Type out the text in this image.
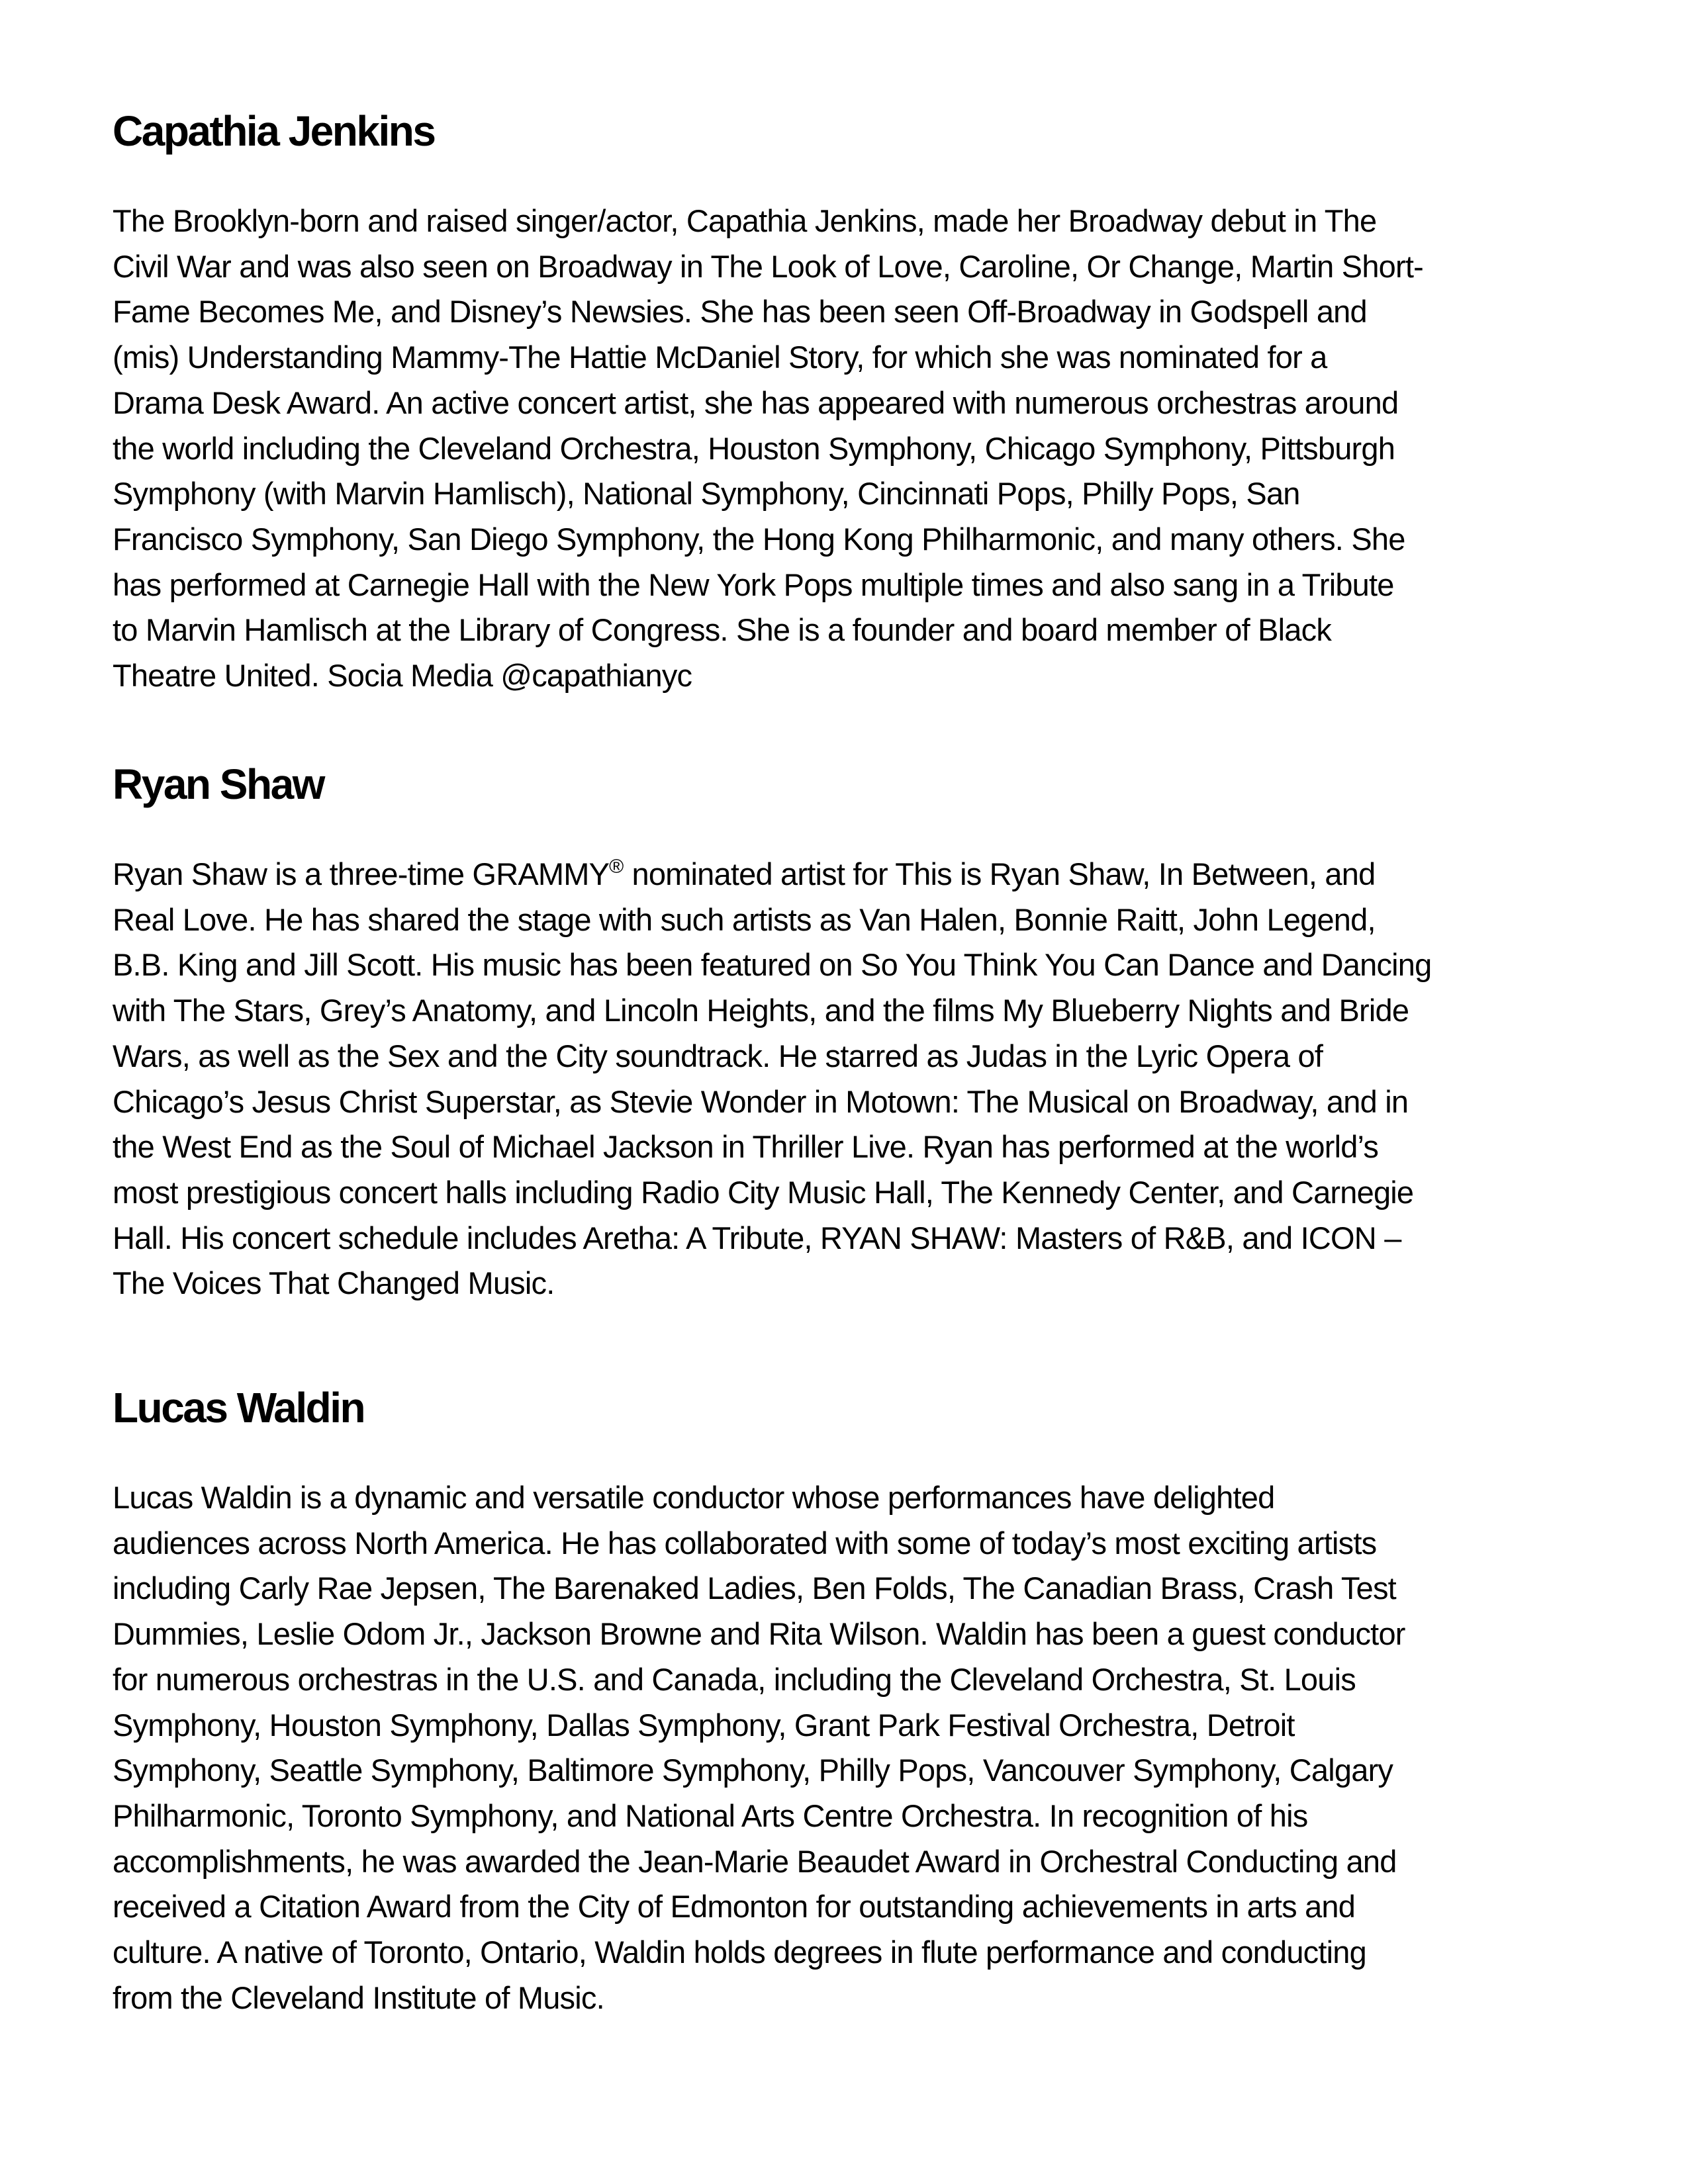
Capathia Jenkins

The Brooklyn-born and raised singer/actor, Capathia Jenkins, made her Broadway debut in The
Civil War and was also seen on Broadway in The Look of Love, Caroline, Or Change, Martin Short-
Fame Becomes Me, and Disney’s Newsies. She has been seen Off-Broadway in Godspell and
(mis) Understanding Mammy-The Hattie McDaniel Story, for which she was nominated for a
Drama Desk Award. An active concert artist, she has appeared with numerous orchestras around
the world including the Cleveland Orchestra, Houston Symphony, Chicago Symphony, Pittsburgh
Symphony (with Marvin Hamlisch), National Symphony, Cincinnati Pops, Philly Pops, San
Francisco Symphony, San Diego Symphony, the Hong Kong Philharmonic, and many others. She
has performed at Carnegie Hall with the New York Pops multiple times and also sang in a Tribute
to Marvin Hamlisch at the Library of Congress. She is a founder and board member of Black
Theatre United. Socia Media @capathianyc

Ryan Shaw

Ryan Shaw is a three-time GRAMMY® nominated artist for This is Ryan Shaw, In Between, and
Real Love. He has shared the stage with such artists as Van Halen, Bonnie Raitt, John Legend,
B.B. King and Jill Scott. His music has been featured on So You Think You Can Dance and Dancing
with The Stars, Grey’s Anatomy, and Lincoln Heights, and the films My Blueberry Nights and Bride
Wars, as well as the Sex and the City soundtrack. He starred as Judas in the Lyric Opera of
Chicago’s Jesus Christ Superstar, as Stevie Wonder in Motown: The Musical on Broadway, and in
the West End as the Soul of Michael Jackson in Thriller Live. Ryan has performed at the world’s
most prestigious concert halls including Radio City Music Hall, The Kennedy Center, and Carnegie
Hall. His concert schedule includes Aretha: A Tribute, RYAN SHAW: Masters of R&B, and ICON –
The Voices That Changed Music.

Lucas Waldin

Lucas Waldin is a dynamic and versatile conductor whose performances have delighted
audiences across North America. He has collaborated with some of today’s most exciting artists
including Carly Rae Jepsen, The Barenaked Ladies, Ben Folds, The Canadian Brass, Crash Test
Dummies, Leslie Odom Jr., Jackson Browne and Rita Wilson. Waldin has been a guest conductor
for numerous orchestras in the U.S. and Canada, including the Cleveland Orchestra, St. Louis
Symphony, Houston Symphony, Dallas Symphony, Grant Park Festival Orchestra, Detroit
Symphony, Seattle Symphony, Baltimore Symphony, Philly Pops, Vancouver Symphony, Calgary
Philharmonic, Toronto Symphony, and National Arts Centre Orchestra. In recognition of his
accomplishments, he was awarded the Jean-Marie Beaudet Award in Orchestral Conducting and
received a Citation Award from the City of Edmonton for outstanding achievements in arts and
culture. A native of Toronto, Ontario, Waldin holds degrees in flute performance and conducting
from the Cleveland Institute of Music.
